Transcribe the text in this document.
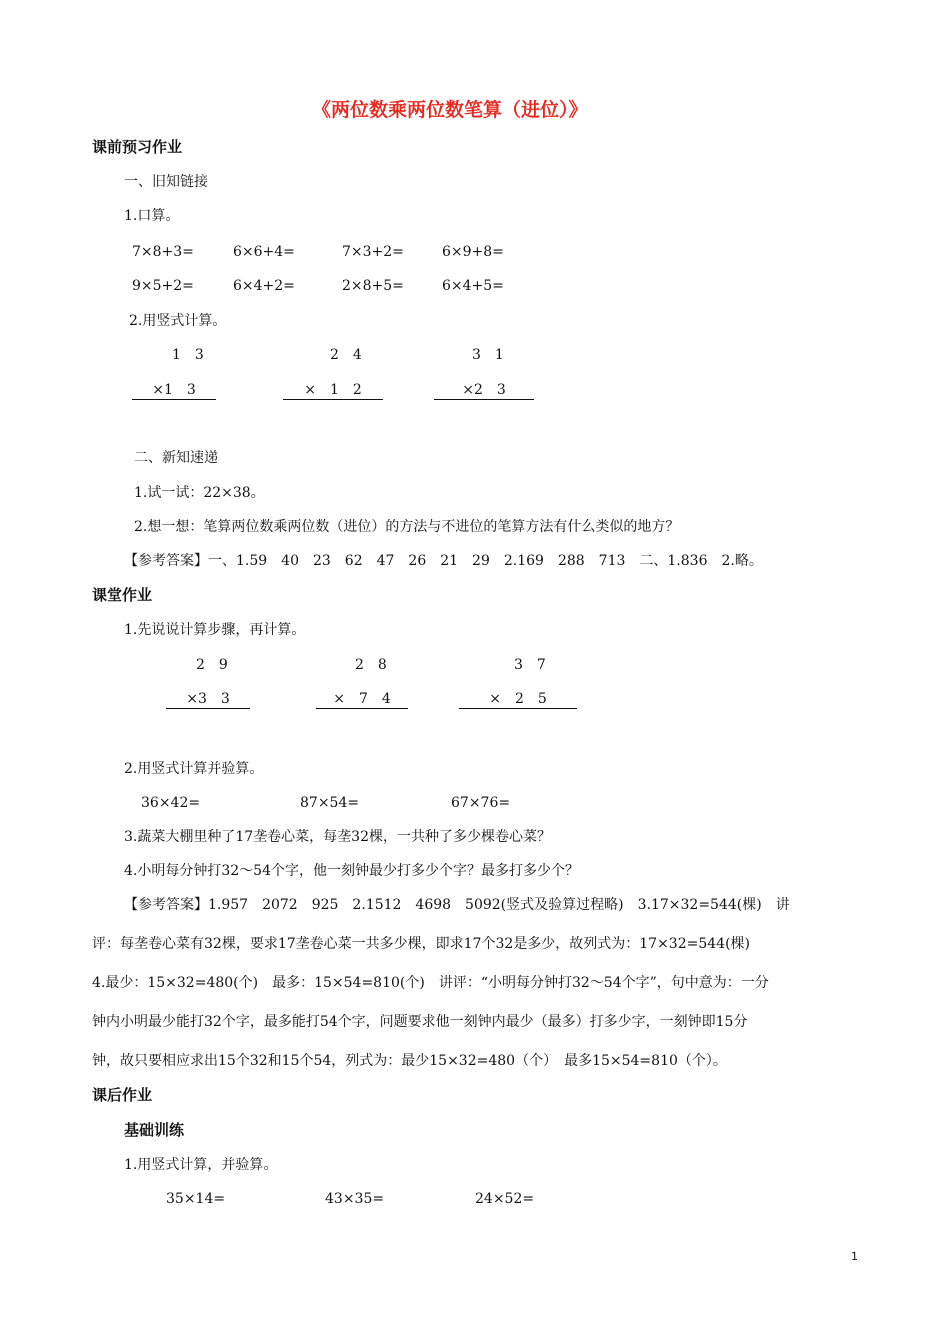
《两位数乘两位数笔算（进位）》
课前预习作业
一、旧知链接
1.口算。
7×8+3=	6×6+4=	7×3+2=	6×9+8=
9×5+2=	6×4+2=	2×8+5=	6×4+5=
2.用竖式计算。
1　3	2　4	3　1
×1　3	×　1　2	×2　3
二、新知速递
1.试一试：22×38。
2.想一想：笔算两位数乘两位数（进位）的方法与不进位的笔算方法有什么类似的地方？
【参考答案】一、1.59　40　23　62　47　26　21　29　2.169　288　713　二、1.836　2.略。
课堂作业
1.先说说计算步骤，再计算。
2　9	2　8	3　7
×3　3	×　7　4	×　2　5
2.用竖式计算并验算。
36×42=	87×54=	67×76=
3.蔬菜大棚里种了17垄卷心菜，每垄32棵，一共种了多少棵卷心菜？
4.小明每分钟打32～54个字，他一刻钟最少打多少个字？最多打多少个？
【参考答案】1.957　2072　925　2.1512　4698　5092(竖式及验算过程略)　3.17×32=544(棵)　讲
评：每垄卷心菜有32棵，要求17垄卷心菜一共多少棵，即求17个32是多少，故列式为：17×32=544(棵)
4.最少：15×32=480(个)　最多：15×54=810(个)　讲评：“小明每分钟打32～54个字”，句中意为：一分
钟内小明最少能打32个字，最多能打54个字，问题要求他一刻钟内最少（最多）打多少字，一刻钟即15分
钟，故只要相应求出15个32和15个54，列式为：最少15×32=480（个）　最多15×54=810（个）。
课后作业
基础训练
1.用竖式计算，并验算。
35×14=	43×35=	24×52=
1
